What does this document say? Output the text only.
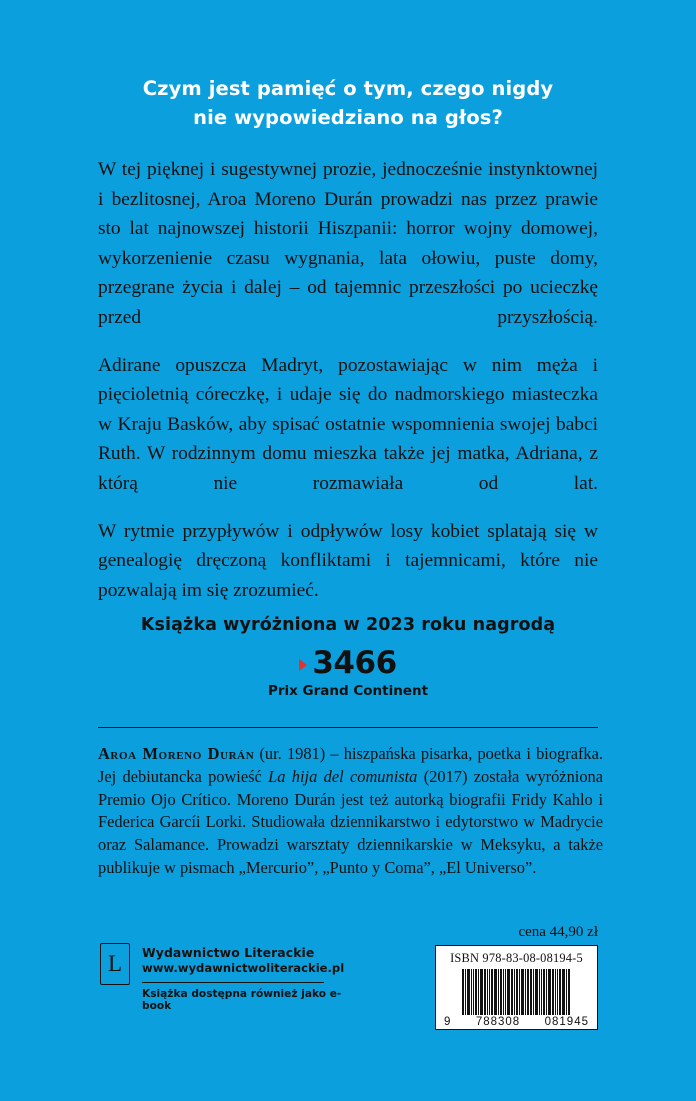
Czym jest pamięć o tym, czego nigdy
nie wypowiedziano na głos?

W tej pięknej i sugestywnej prozie, jednocześnie instynktownej i bezlitosnej, Aroa Moreno Durán prowadzi nas przez prawie sto lat najnowszej historii Hiszpanii: horror wojny domowej, wykorzenienie czasu wygnania, lata ołowiu, puste domy, przegrane życia i dalej – od tajemnic przeszłości po ucieczkę przed przyszłością.

Adirane opuszcza Madryt, pozostawiając w nim męża i pięcioletnią córeczkę, i udaje się do nadmorskiego miasteczka w Kraju Basków, aby spisać ostatnie wspomnienia swojej babci Ruth. W rodzinnym domu mieszka także jej matka, Adriana, z którą nie rozmawiała od lat.

W rytmie przypływów i odpływów losy kobiet splatają się w genealogię dręczoną konfliktami i tajemnicami, które nie pozwalają im się zrozumieć.

Książka wyróżniona w 2023 roku nagrodą
3466
Prix Grand Continent
Aroa Moreno Durán (ur. 1981) – hiszpańska pisarka, poetka i biografka. Jej debiutancka powieść La hija del comunista (2017) została wyróżniona Premio Ojo Crítico. Moreno Durán jest też autorką biografii Fridy Kahlo i Federica Garcíi Lorki. Studiowała dziennikarstwo i edytorstwo w Madrycie oraz Salamance. Prowadzi warsztaty dziennikarskie w Meksyku, a także publikuje w pismach „Mercurio”, „Punto y Coma”, „El Universo”.
cena 44,90 zł
L	Wydawnictwo Literackie
www.wydawnictwoliterackie.pl
Książka dostępna również jako e-book
ISBN 978-83-08-08194-5
9 788308 081945
